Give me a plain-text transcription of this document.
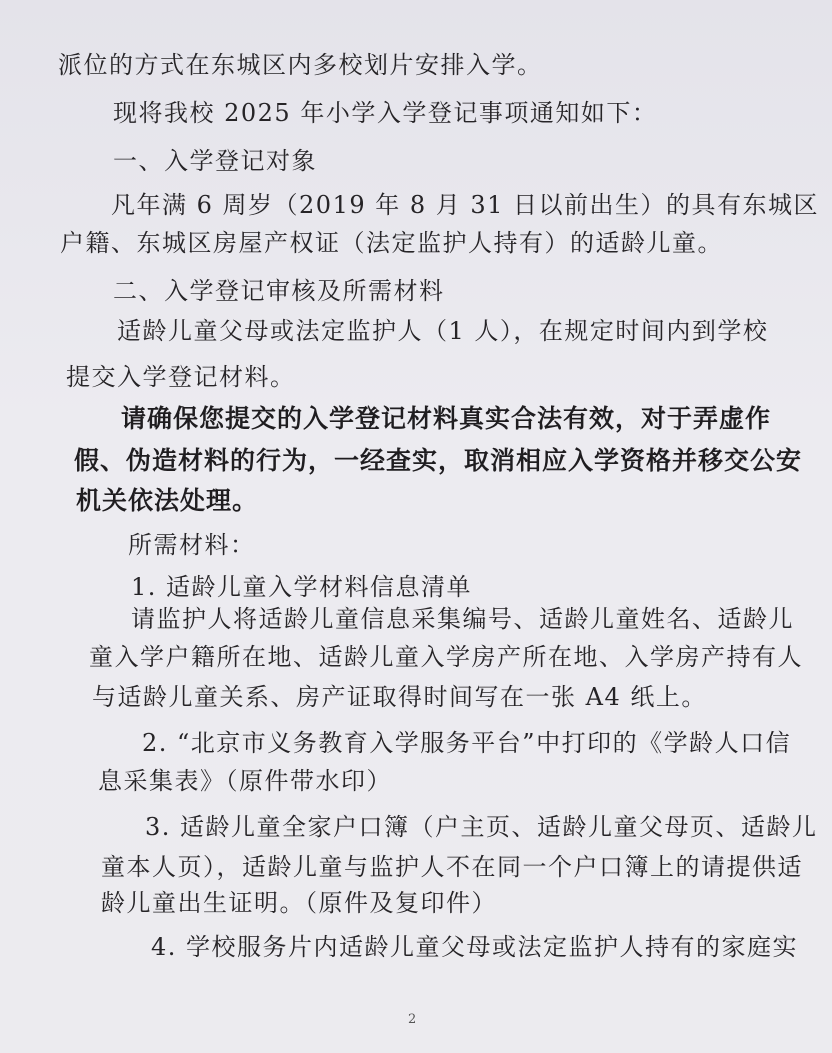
派位的方式在东城区内多校划片安排入学。
现将我校 2025 年小学入学登记事项通知如下：
一、入学登记对象
凡年满 6 周岁（2019 年 8 月 31 日以前出生）的具有东城区
户籍、东城区房屋产权证（法定监护人持有）的适龄儿童。
二、入学登记审核及所需材料
适龄儿童父母或法定监护人（1 人），在规定时间内到学校
提交入学登记材料。
请确保您提交的入学登记材料真实合法有效，对于弄虚作
假、伪造材料的行为，一经查实，取消相应入学资格并移交公安
机关依法处理。
所需材料：
1. 适龄儿童入学材料信息清单
请监护人将适龄儿童信息采集编号、适龄儿童姓名、适龄儿
童入学户籍所在地、适龄儿童入学房产所在地、入学房产持有人
与适龄儿童关系、房产证取得时间写在一张 A4 纸上。
2. “北京市义务教育入学服务平台”中打印的《学龄人口信
息采集表》（原件带水印）
3. 适龄儿童全家户口簿（户主页、适龄儿童父母页、适龄儿
童本人页），适龄儿童与监护人不在同一个户口簿上的请提供适
龄儿童出生证明。（原件及复印件）
4. 学校服务片内适龄儿童父母或法定监护人持有的家庭实
2
